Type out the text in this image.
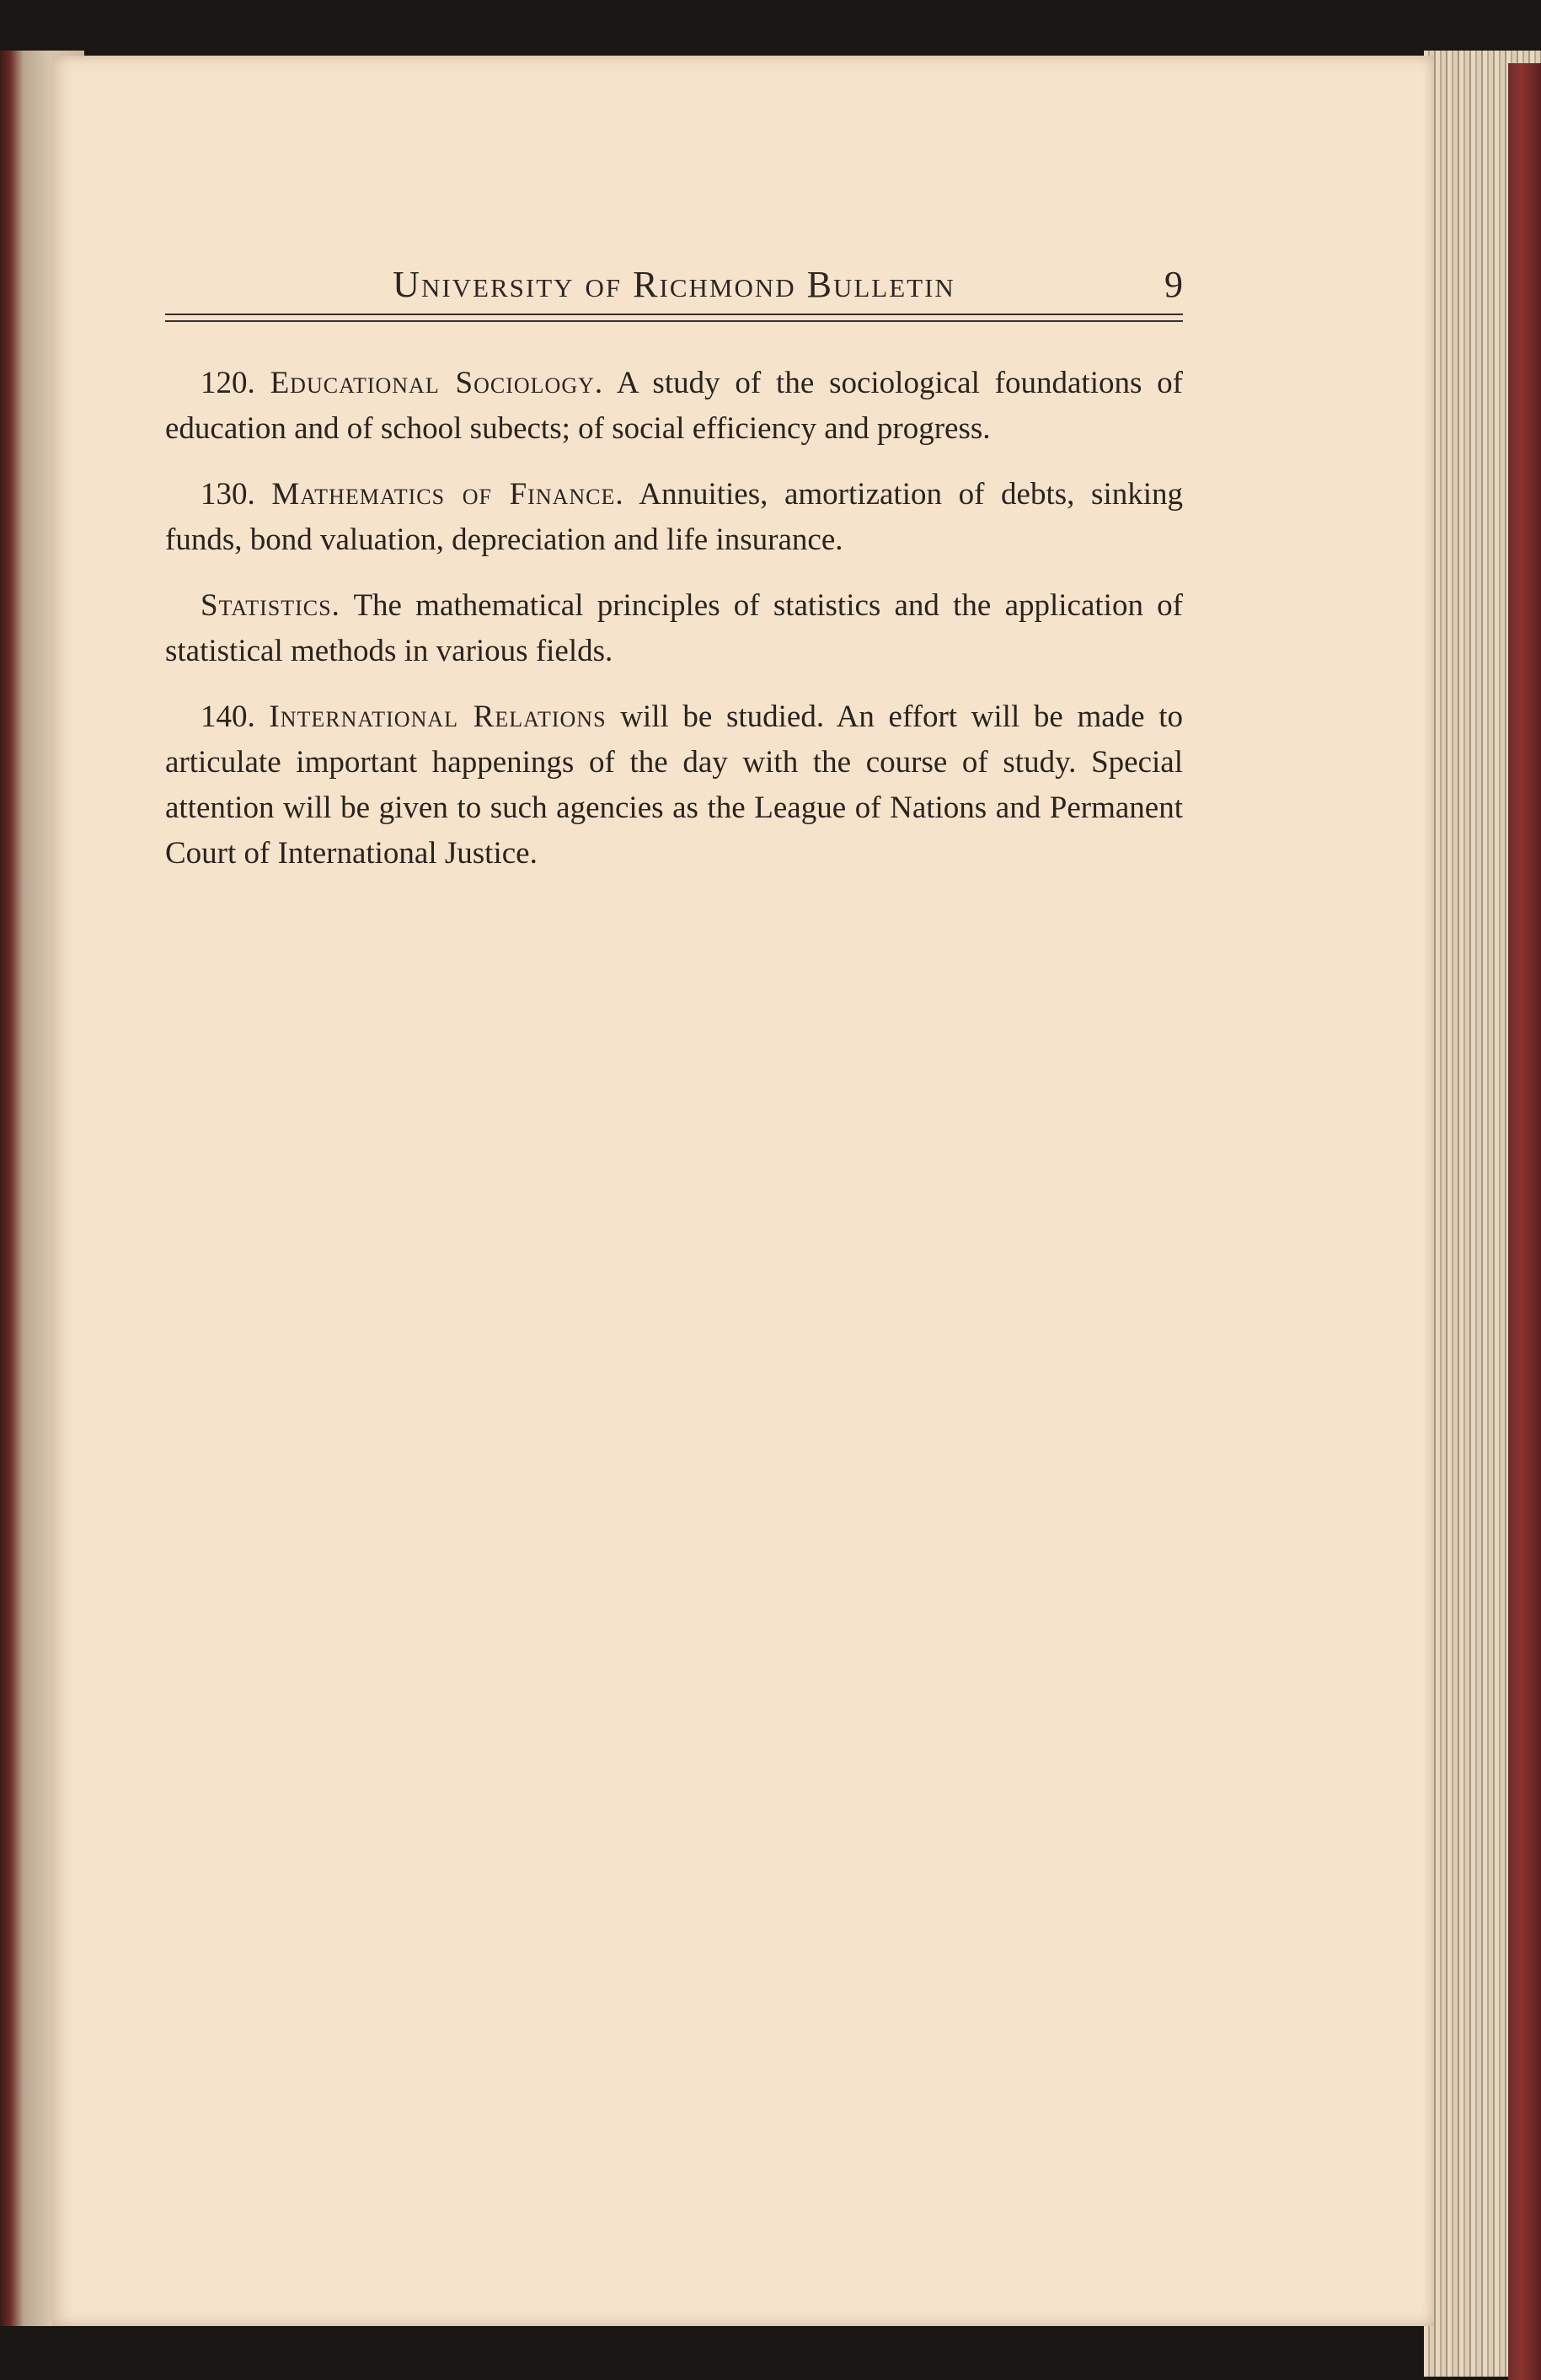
University of Richmond Bulletin	9

120. Educational Sociology. A study of the sociological foundations of education and of school subects; of social efficiency and progress.

130. Mathematics of Finance. Annuities, amortization of debts, sinking funds, bond valuation, depreciation and life insurance.

Statistics. The mathematical principles of statistics and the application of statistical methods in various fields.

140. International Relations will be studied. An effort will be made to articulate important happenings of the day with the course of study. Special attention will be given to such agencies as the League of Nations and Permanent Court of International Justice.
